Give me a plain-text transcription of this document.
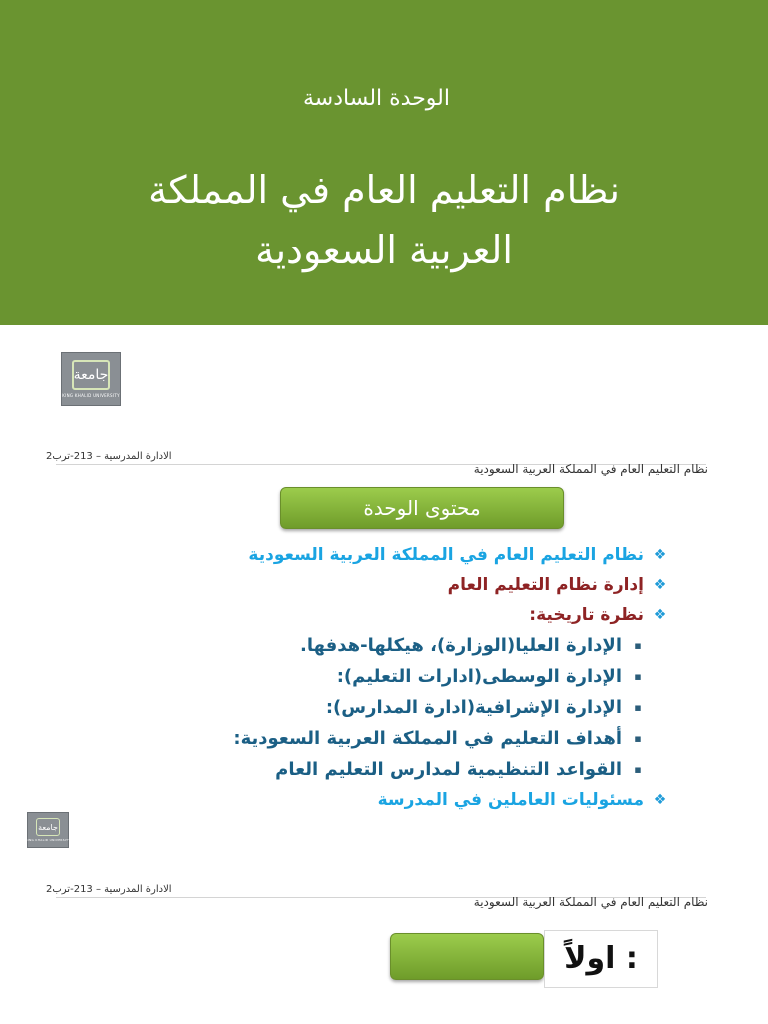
الوحدة السادسة
نظام التعليم العام في المملكة
العربية السعودية
جامعة
KING KHALID UNIVERSITY
الادارة المدرسية – 213-ترب2
نظام التعليم العام في المملكة العربية السعودية
محتوى الوحدة
❖
نظام التعليم العام في المملكة العربية السعودية
❖
إدارة نظام التعليم العام
❖
نظرة تاريخية:
▪
الإدارة العليا(الوزارة)، هيكلها-هدفها.
▪
الإدارة الوسطى(ادارات التعليم):
▪
الإدارة الإشرافية(ادارة المدارس):
▪
أهداف التعليم في المملكة العربية السعودية:
▪
القواعد التنظيمية لمدارس التعليم العام
❖
مسئوليات العاملين في المدرسة
جامعة
KING KHALID UNIVERSITY
الادارة المدرسية – 213-ترب2
نظام التعليم العام في المملكة العربية السعودية
: اولاً
